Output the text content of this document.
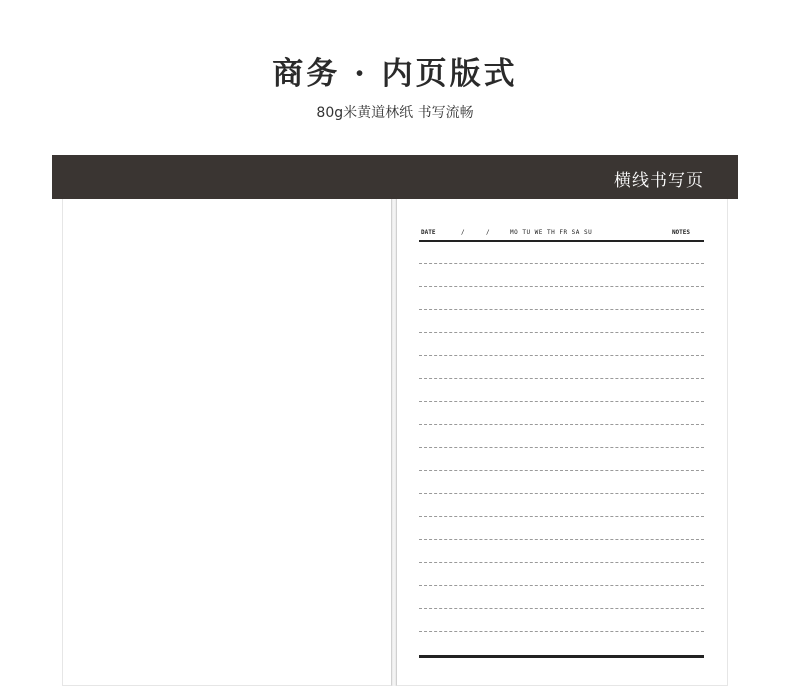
商务 · 内页版式
80g米黄道林纸 书写流畅
横线书写页
DATE	/	/	MO TU WE TH FR SA SU	NOTES
